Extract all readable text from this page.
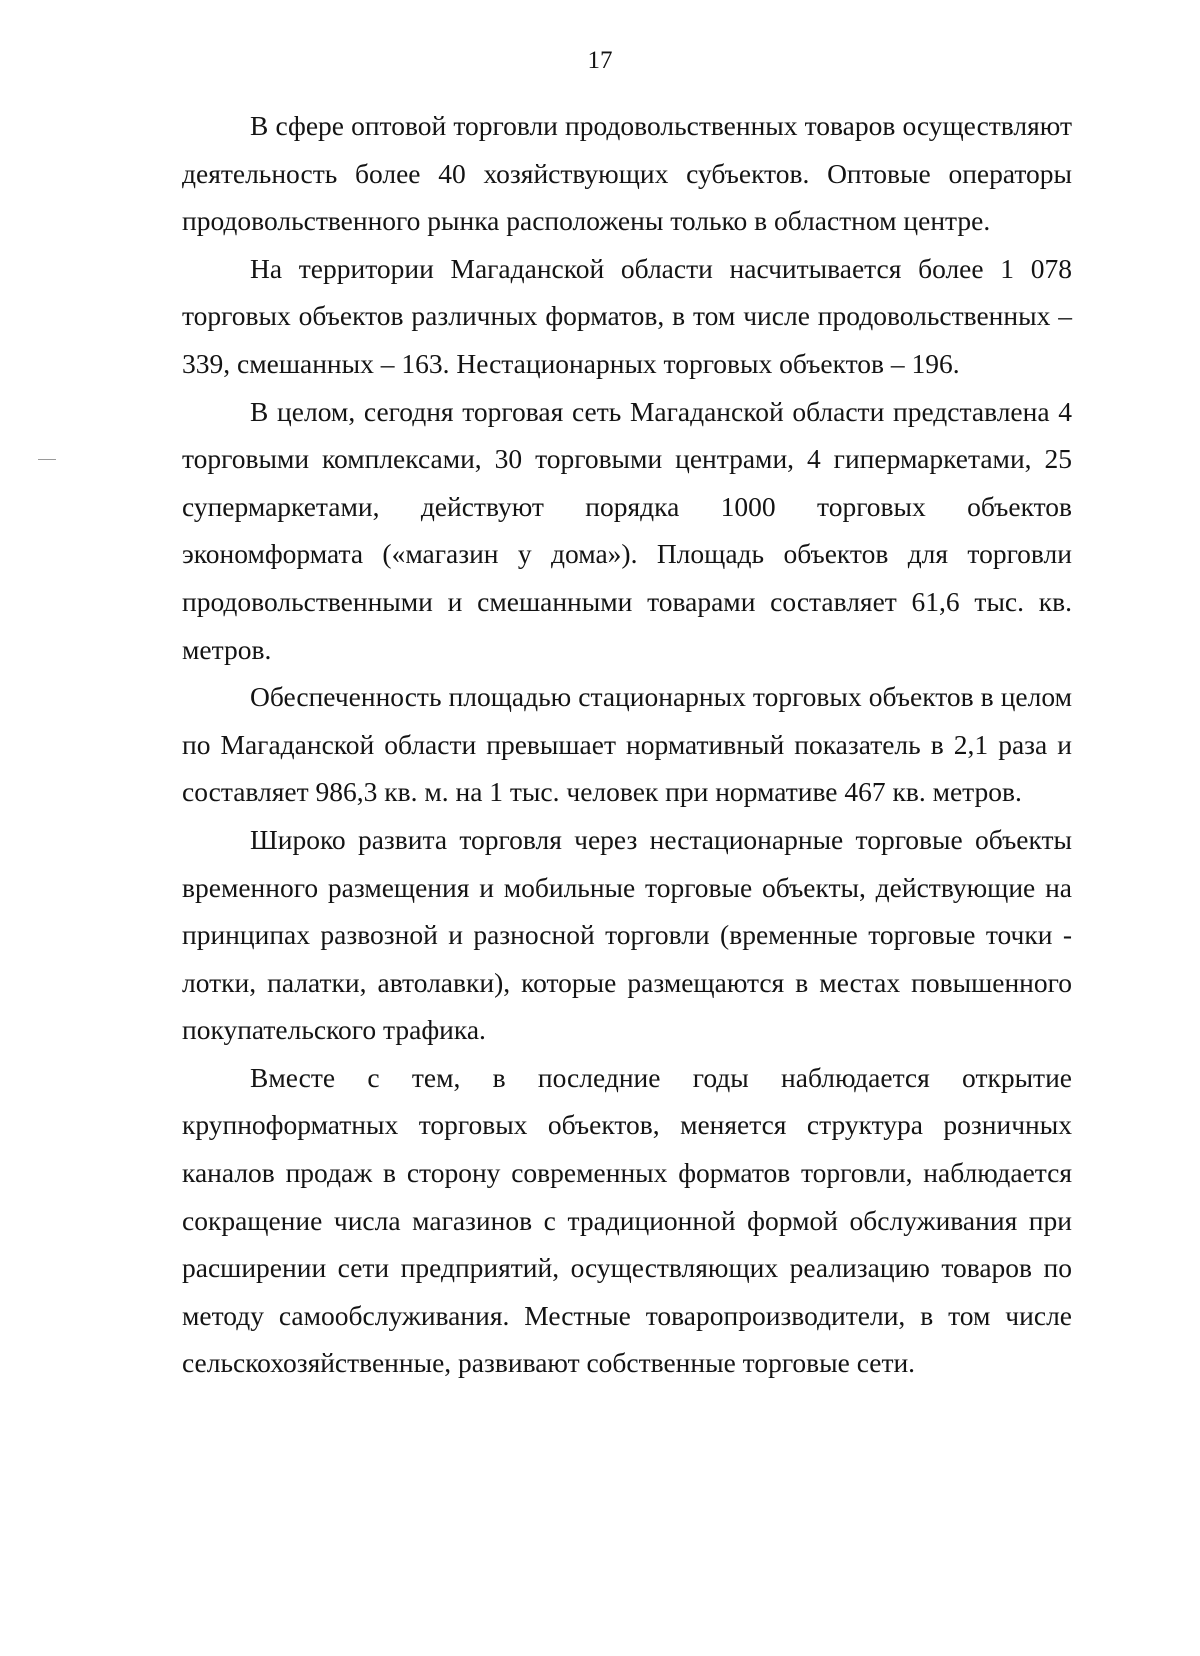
17

В сфере оптовой торговли продовольственных товаров осуществляют деятельность более 40 хозяйствующих субъектов. Оптовые операторы продовольственного рынка расположены только в областном центре.

На территории Магаданской области насчитывается более 1 078 торговых объектов различных форматов, в том числе продовольственных – 339, смешанных – 163. Нестационарных торговых объектов – 196.

В целом, сегодня торговая сеть Магаданской области представлена 4 торговыми комплексами, 30 торговыми центрами, 4 гипермаркетами, 25 супермаркетами, действуют порядка 1000 торговых объектов экономформата («магазин у дома»). Площадь объектов для торговли продовольственными и смешанными товарами составляет 61,6 тыс. кв. метров.

Обеспеченность площадью стационарных торговых объектов в целом по Магаданской области превышает нормативный показатель в 2,1 раза и составляет 986,3 кв. м. на 1 тыс. человек при нормативе 467 кв. метров.

Широко развита торговля через нестационарные торговые объекты временного размещения и мобильные торговые объекты, действующие на принципах развозной и разносной торговли (временные торговые точки - лотки, палатки, автолавки), которые размещаются в местах повышенного покупательского трафика.

Вместе с тем, в последние годы наблюдается открытие крупноформатных торговых объектов, меняется структура розничных каналов продаж в сторону современных форматов торговли, наблюдается сокращение числа магазинов с традиционной формой обслуживания при расширении сети предприятий, осуществляющих реализацию товаров по методу самообслуживания. Местные товаропроизводители, в том числе сельскохозяйственные, развивают собственные торговые сети.
